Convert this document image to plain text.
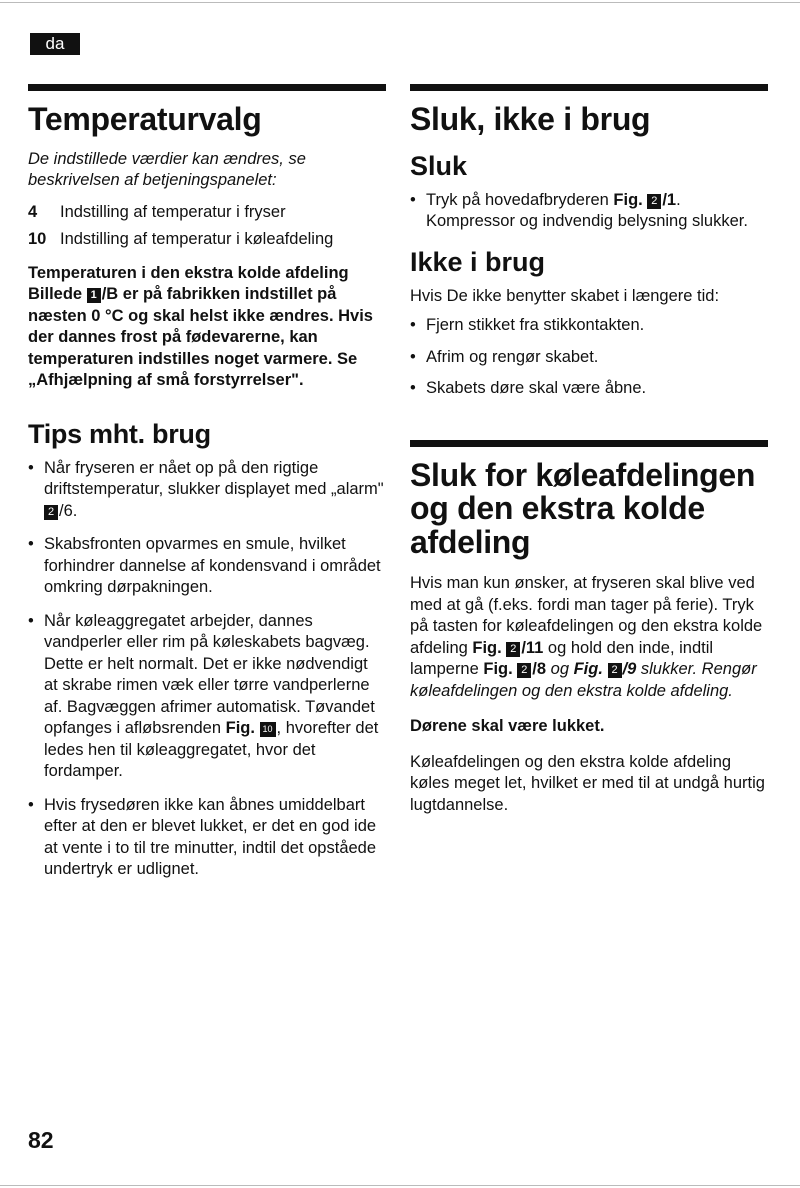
da
Temperaturvalg

De indstillede værdier kan ændres, se beskrivelsen af betjeningspanelet:

4	Indstilling af temperatur i fryser
10 Indstilling af temperatur i køleafdeling

Temperaturen i den ekstra kolde afdeling Billede 1 /B er på fabrikken indstillet på næsten 0 °C og skal helst ikke ændres. Hvis der dannes frost på fødevarerne, kan temperaturen indstilles noget varmere. Se „Afhjælpning af små forstyrrelser".

Tips mht. brug
• Når fryseren er nået op på den rigtige driftstemperatur, slukker displayet med „alarm" 2 /6.
• Skabsfronten opvarmes en smule, hvilket forhindrer dannelse af kondensvand i området omkring dørpakningen.
• Når køleaggregatet arbejder, dannes vandperler eller rim på køleskabets bagvæg. Dette er helt normalt. Det er ikke nødvendigt at skrabe rimen væk eller tørre vandperlerne af. Bagvæggen afrimer automatisk. Tøvandet opfanges i afløbsrenden Fig. 10 , hvorefter det ledes hen til køleaggregatet, hvor det fordamper.
• Hvis frysedøren ikke kan åbnes umiddelbart efter at den er blevet lukket, er det en god ide at vente i to til tre minutter, indtil det opståede undertryk er udlignet.
Sluk, ikke i brug
Sluk
• Tryk på hovedafbryderen Fig. 2 /1. Kompressor og indvendig belysning slukker.
Ikke i brug

Hvis De ikke benytter skabet i længere tid:

• Fjern stikket fra stikkontakten.
• Afrim og rengør skabet.
• Skabets døre skal være åbne.
Sluk for køleafdelingen og den ekstra kolde afdeling

Hvis man kun ønsker, at fryseren skal blive ved med at gå (f.eks. fordi man tager på ferie). Tryk på tasten for køleafdelingen og den ekstra kolde afdeling Fig. 2 /11 og hold den inde, indtil lamperne Fig. 2 /8 og Fig. 2 /9 slukker. Rengør køleafdelingen og den ekstra kolde afdeling.

Dørene skal være lukket.

Køleafdelingen og den ekstra kolde afdeling køles meget let, hvilket er med til at undgå hurtig lugtdannelse.

82
